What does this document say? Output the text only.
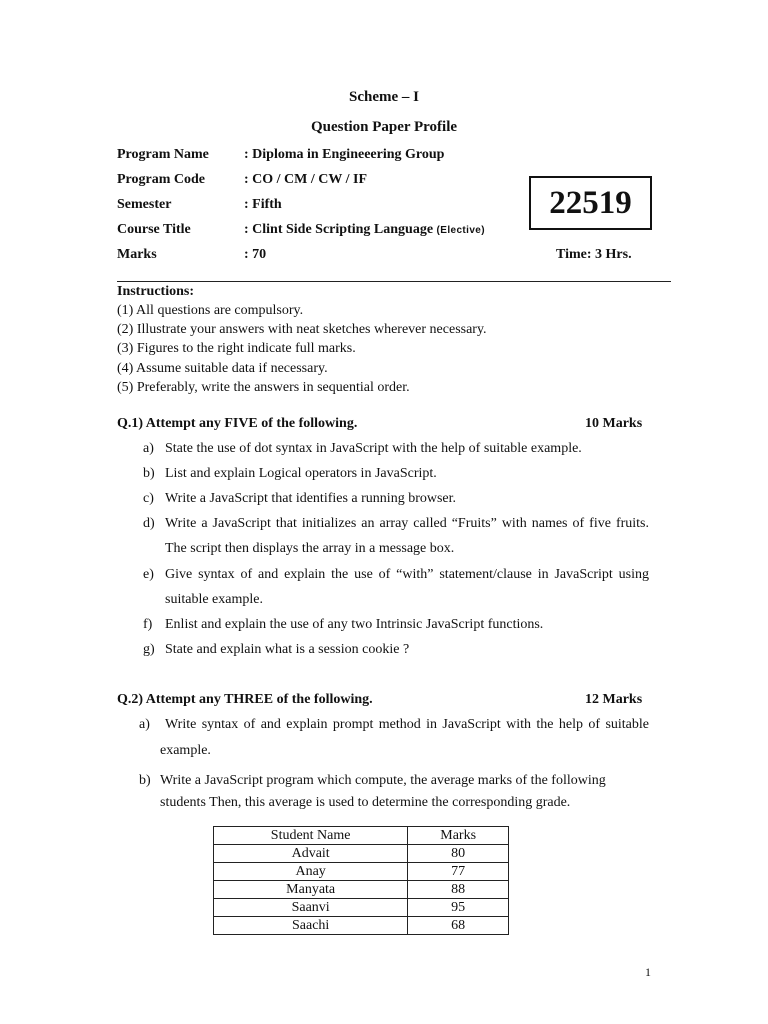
Scheme – I
Question Paper Profile
Program Name	: Diploma in Engineeering Group
Program Code	: CO / CM / CW / IF
Semester	: Fifth
Course Title	: Clint Side Scripting Language (Elective)
Marks	: 70
22519
Time: 3 Hrs.
Instructions:
(1) All questions are compulsory.
(2) Illustrate your answers with neat sketches wherever necessary.
(3) Figures to the right indicate full marks.
(4) Assume suitable data if necessary.
(5) Preferably, write the answers in sequential order.
Q.1) Attempt any FIVE of the following.	10 Marks
a) State the use of dot syntax in JavaScript with the help of suitable example.
b) List and explain Logical operators in JavaScript.
c) Write a JavaScript that identifies a running browser.
d) Write a JavaScript that initializes an array called “Fruits” with names of five fruits.
The script then displays the array in a message box.
e) Give syntax of and explain the use of “with” statement/clause in JavaScript using
suitable example.
f) Enlist and explain the use of any two Intrinsic JavaScript functions.
g) State and explain what is a session cookie ?
Q.2) Attempt any THREE of the following.	12 Marks
a) Write syntax of and explain prompt method in JavaScript with the help of suitable
example.
b) Write a JavaScript program which compute, the average marks of the following
students Then, this average is used to determine the corresponding grade.
Student Name	Marks
Advait	80
Anay	77
Manyata	88
Saanvi	95
Saachi	68
1
